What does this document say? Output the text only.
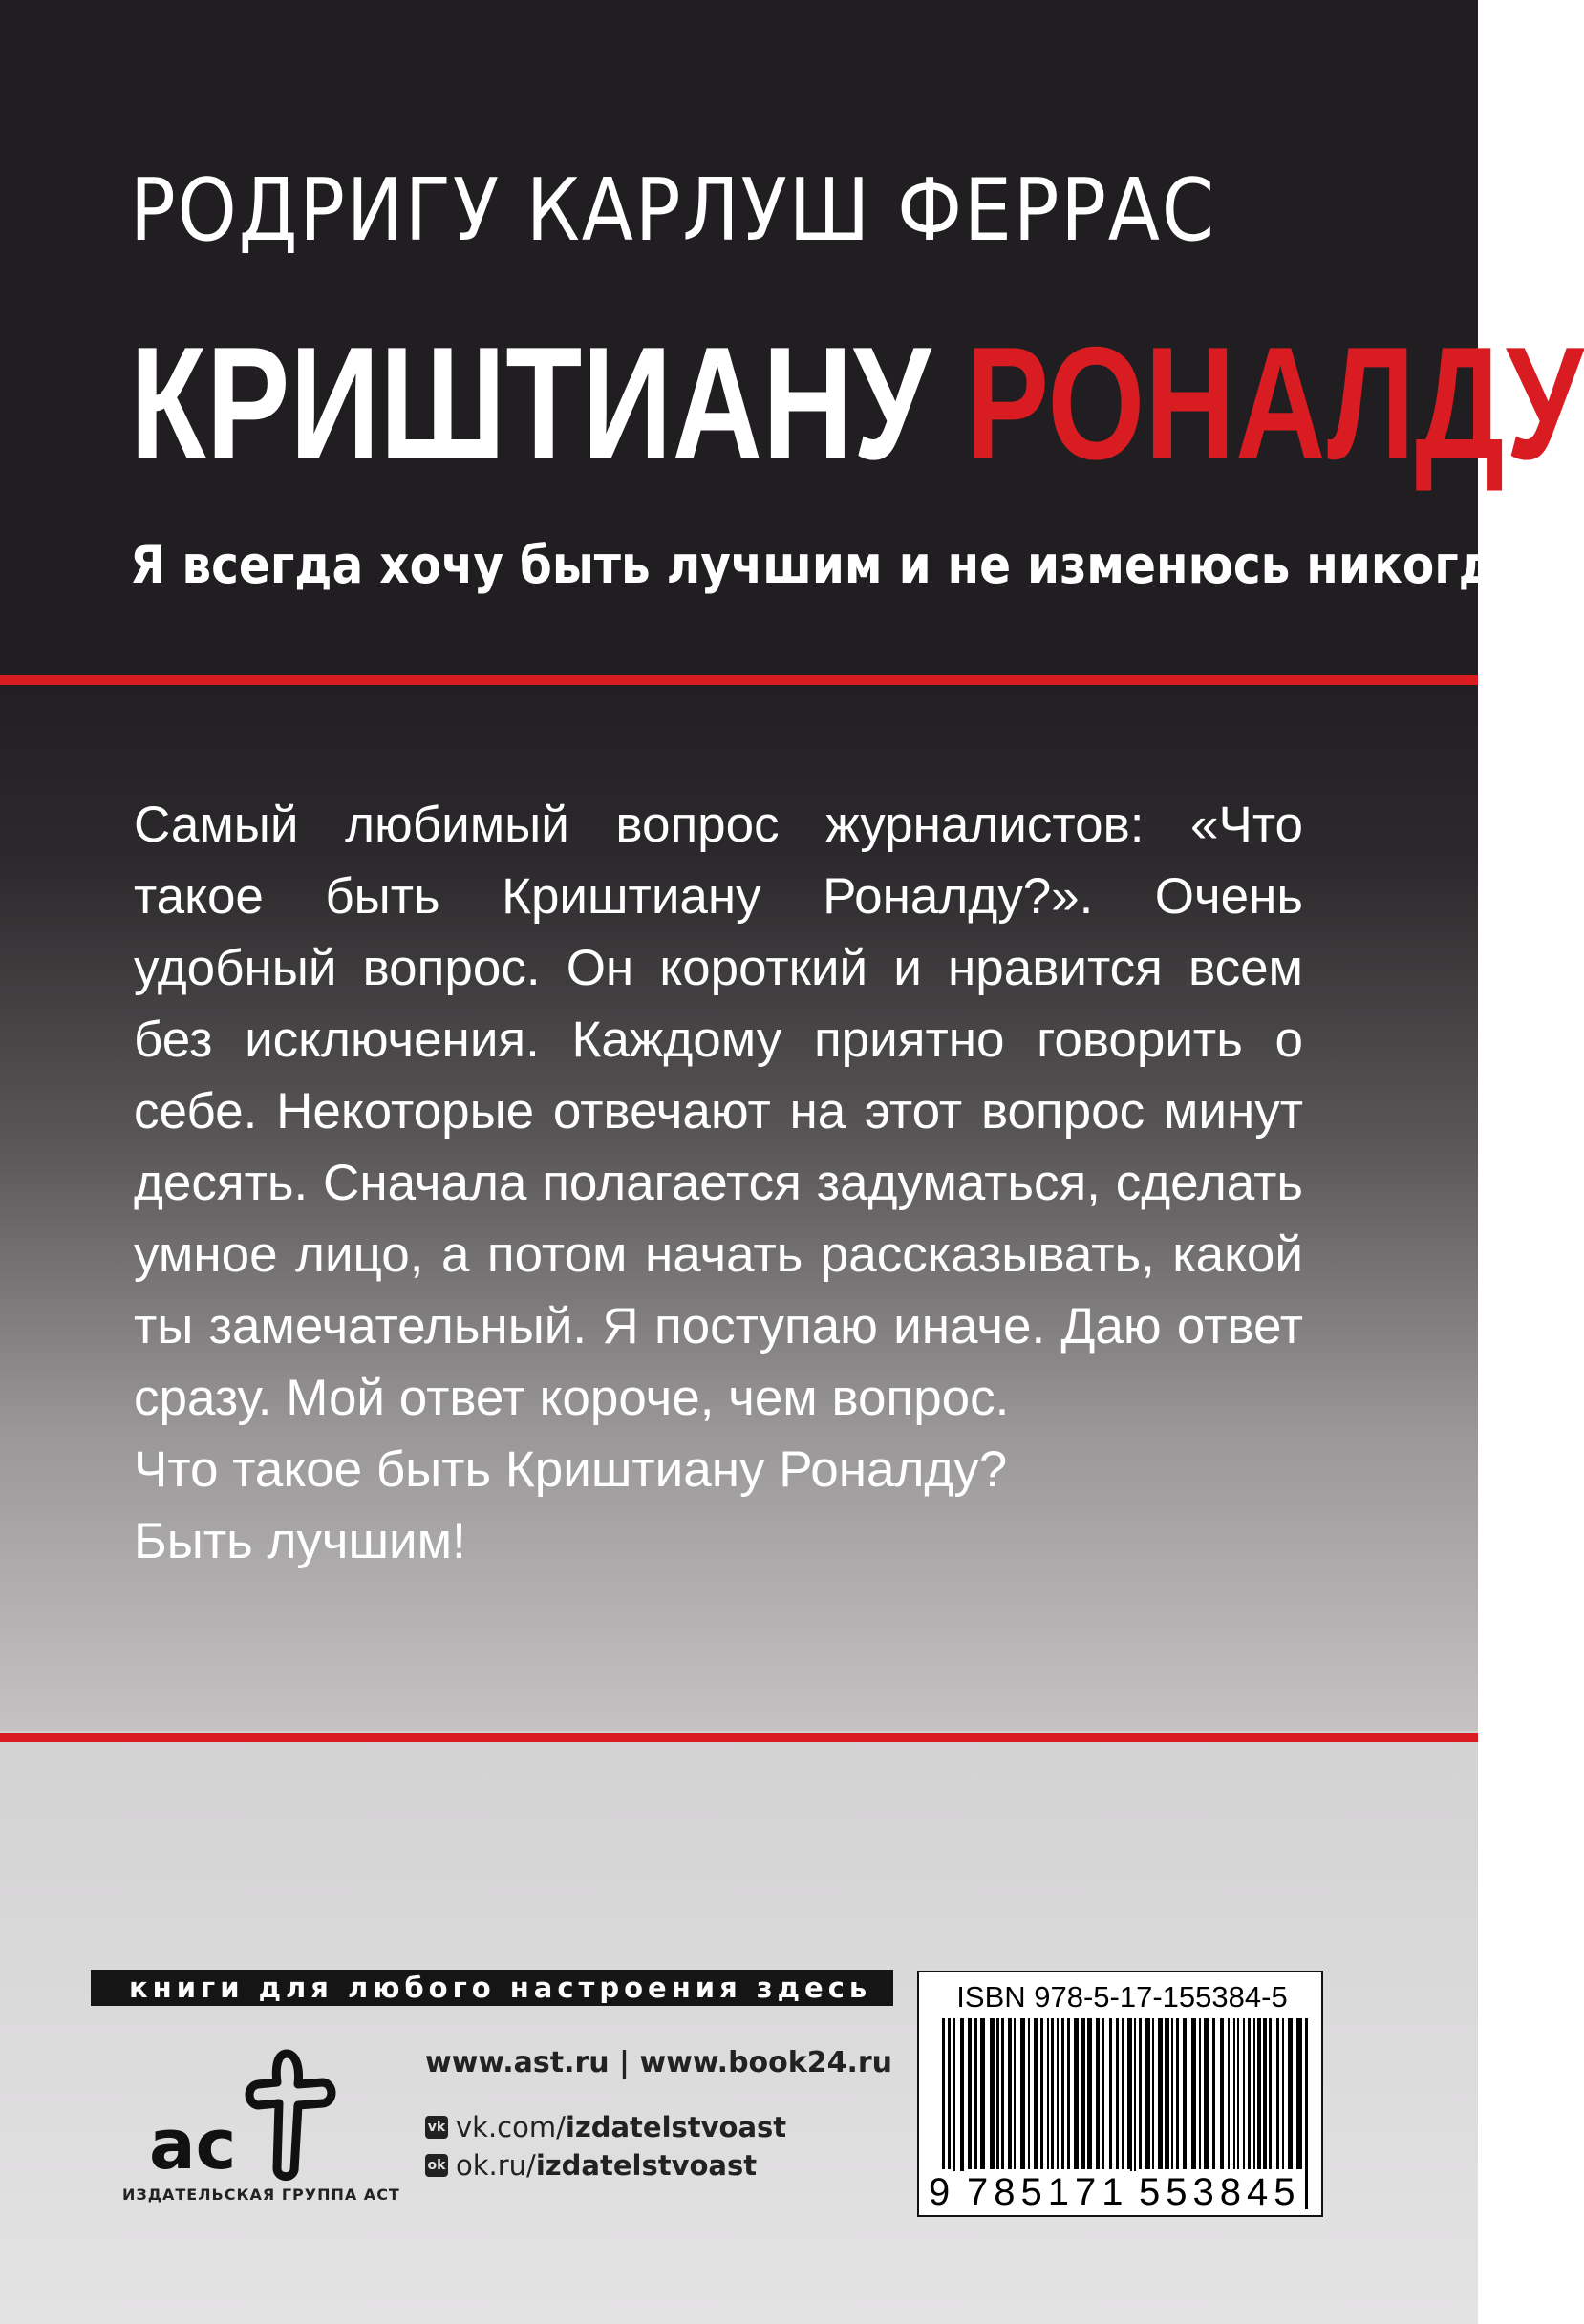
РОДРИГУ КАРЛУШ ФЕРРАС
КРИШТИАНУ РОНАЛДУ
Я всегда хочу быть лучшим и не изменюсь никогда

Самый любимый вопрос журналистов: «Что такое быть Криштиану Роналду?». Очень удобный вопрос. Он короткий и нравится всем без исключения. Каждому приятно говорить о себе. Некоторые отвечают на этот вопрос минут десять. Сначала полагается задуматься, сделать умное лицо, а потом начать рассказывать, какой ты замечательный. Я поступаю иначе. Даю ответ сразу. Мой ответ короче, чем вопрос.

Что такое быть Криштиану Роналду?

Быть лучшим!

книги для любого настроения здесь
ac
ИЗДАТЕЛЬСКАЯ ГРУППА АСТ
www.ast.ru | www.book24.ru
vk vk.com/ izdatelstvoast
ok ok.ru/ izdatelstvoast
ISBN 978-5-17-155384-5
9 785171 553845
